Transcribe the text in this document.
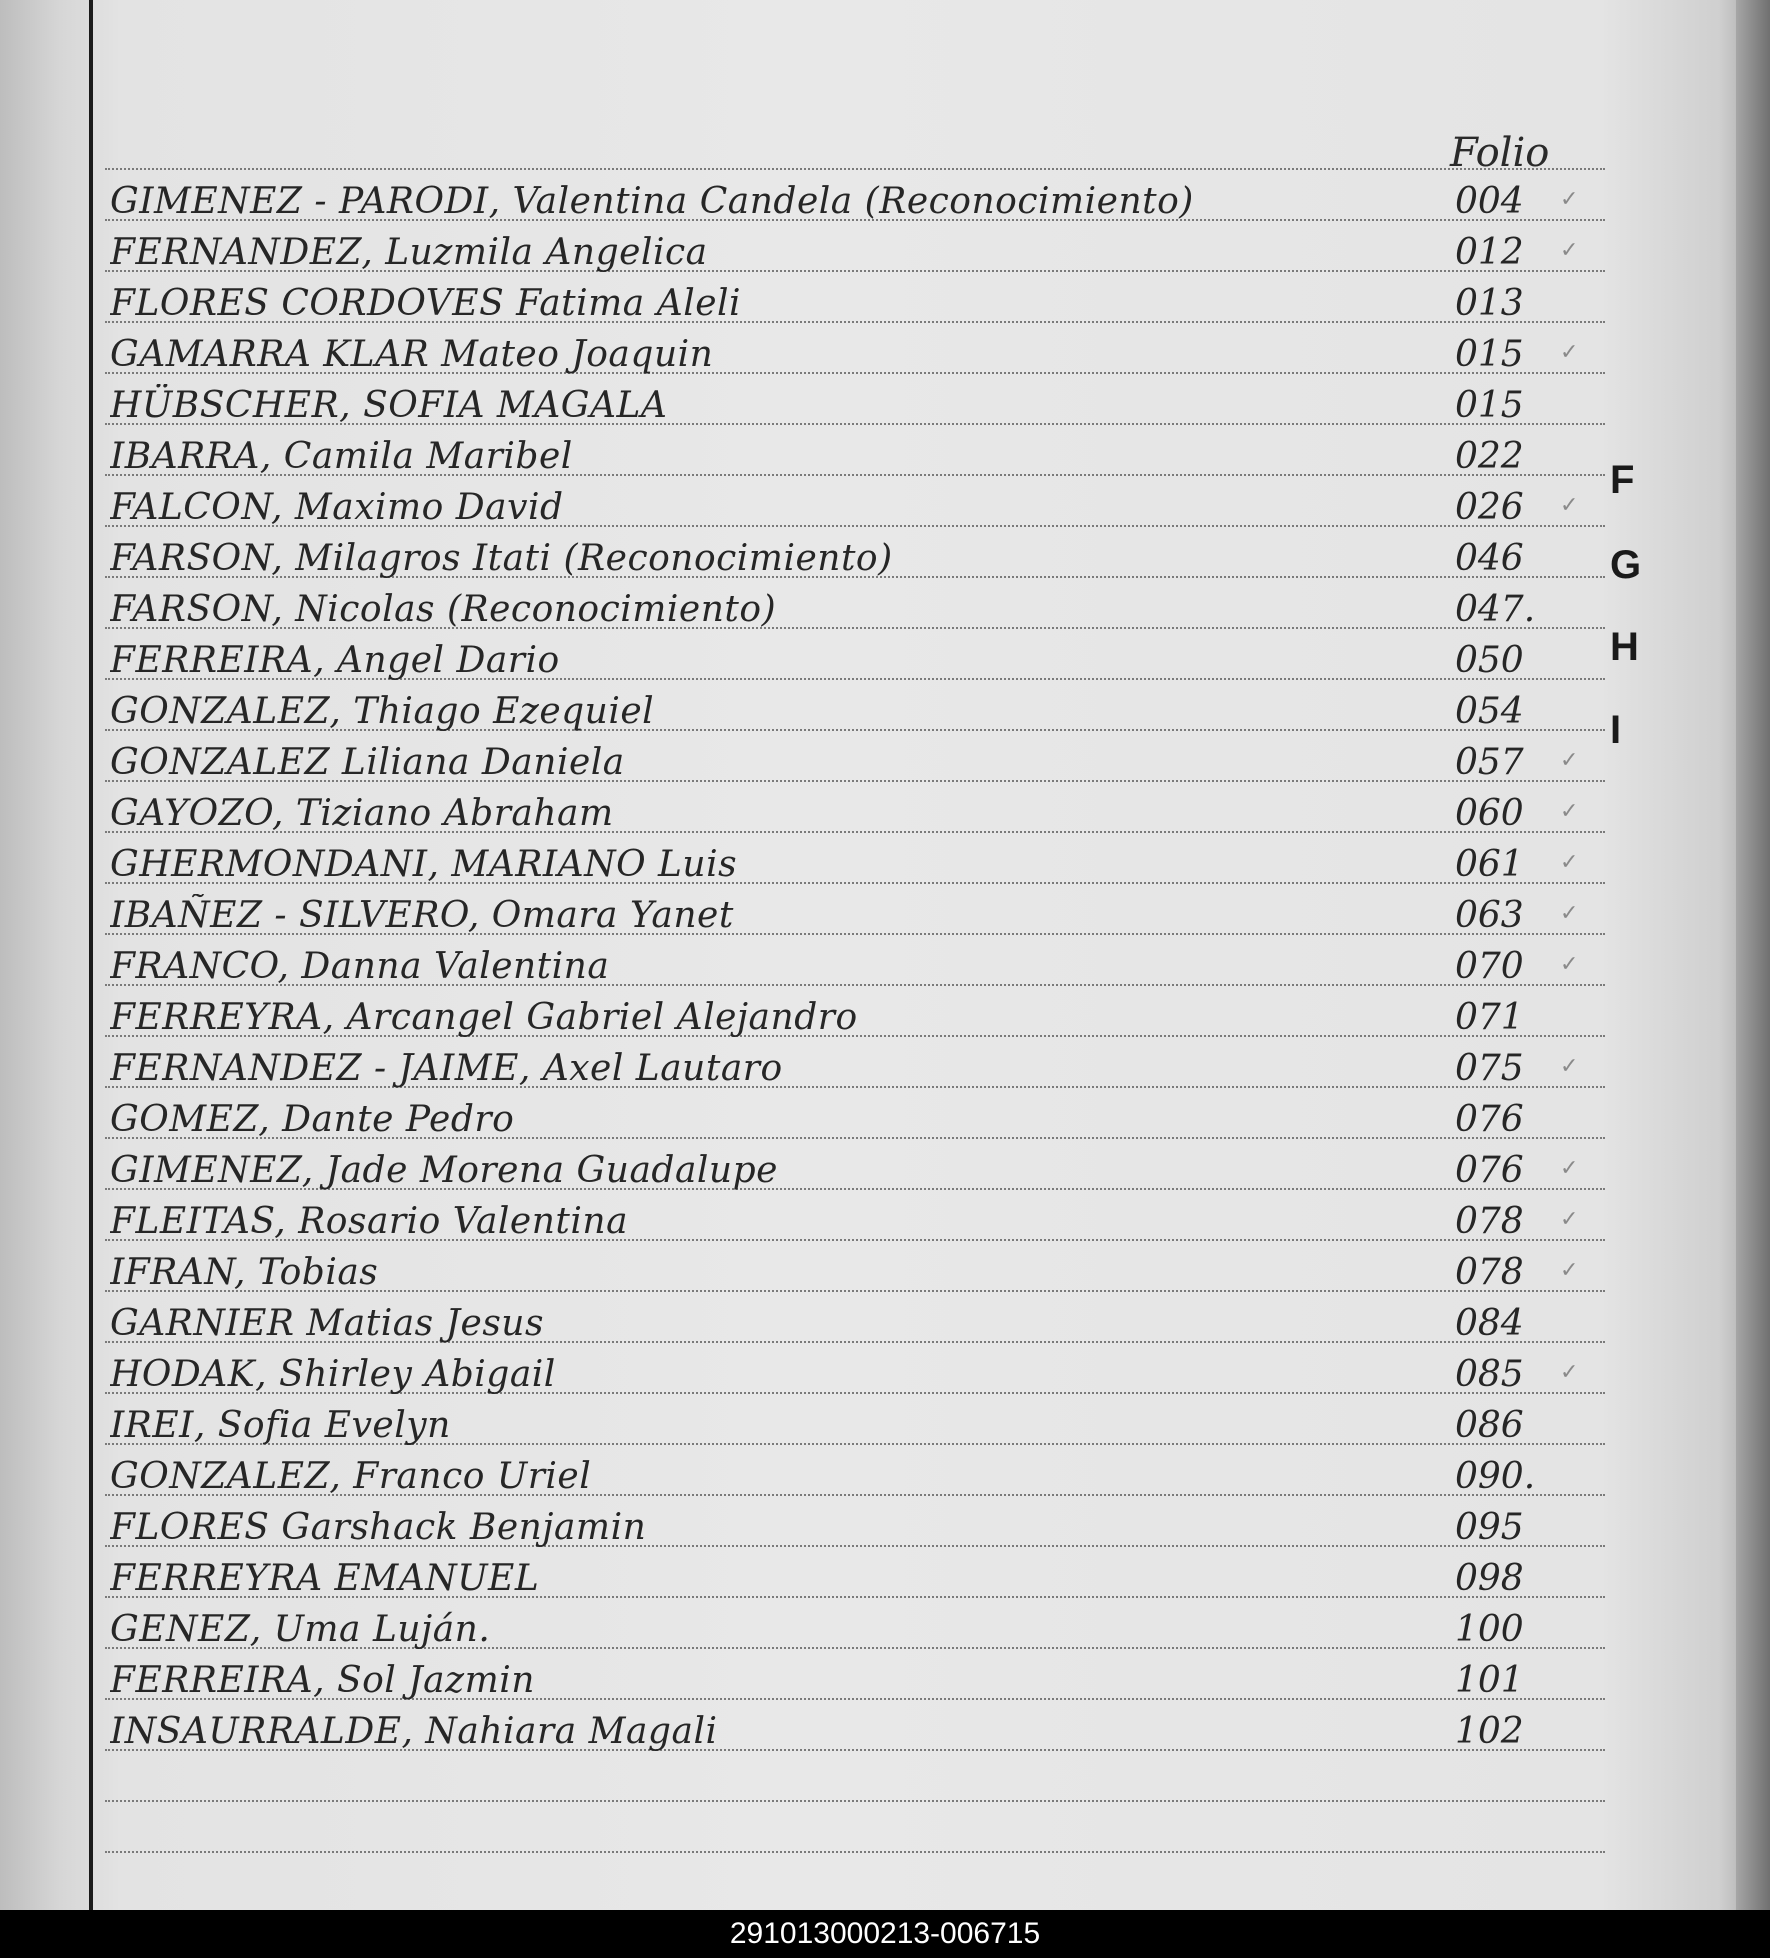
Folio
GIMENEZ - PARODI, Valentina Candela (Reconocimiento)	004	✓
FERNANDEZ, Luzmila Angelica	012	✓
FLORES CORDOVES Fatima Aleli	013
GAMARRA KLAR Mateo Joaquin	015	✓
HÜBSCHER, SOFIA MAGALA	015
IBARRA, Camila Maribel	022
FALCON, Maximo David	026	✓
FARSON, Milagros Itati (Reconocimiento)	046
FARSON, Nicolas (Reconocimiento)	047.
FERREIRA, Angel Dario	050
GONZALEZ, Thiago Ezequiel	054
GONZALEZ Liliana Daniela	057	✓
GAYOZO, Tiziano Abraham	060	✓
GHERMONDANI, MARIANO Luis	061	✓
IBAÑEZ - SILVERO, Omara Yanet	063	✓
FRANCO, Danna Valentina	070	✓
FERREYRA, Arcangel Gabriel Alejandro	071
FERNANDEZ - JAIME, Axel Lautaro	075	✓
GOMEZ, Dante Pedro	076
GIMENEZ, Jade Morena Guadalupe	076	✓
FLEITAS, Rosario Valentina	078	✓
IFRAN, Tobias	078	✓
GARNIER Matias Jesus	084
HODAK, Shirley Abigail	085	✓
IREI, Sofia Evelyn	086
GONZALEZ, Franco Uriel	090.
FLORES Garshack Benjamin	095
FERREYRA EMANUEL	098
GENEZ, Uma Luján.	100
FERREIRA, Sol Jazmin	101
INSAURRALDE, Nahiara Magali	102
F
G
H
I
291013000213-006715
